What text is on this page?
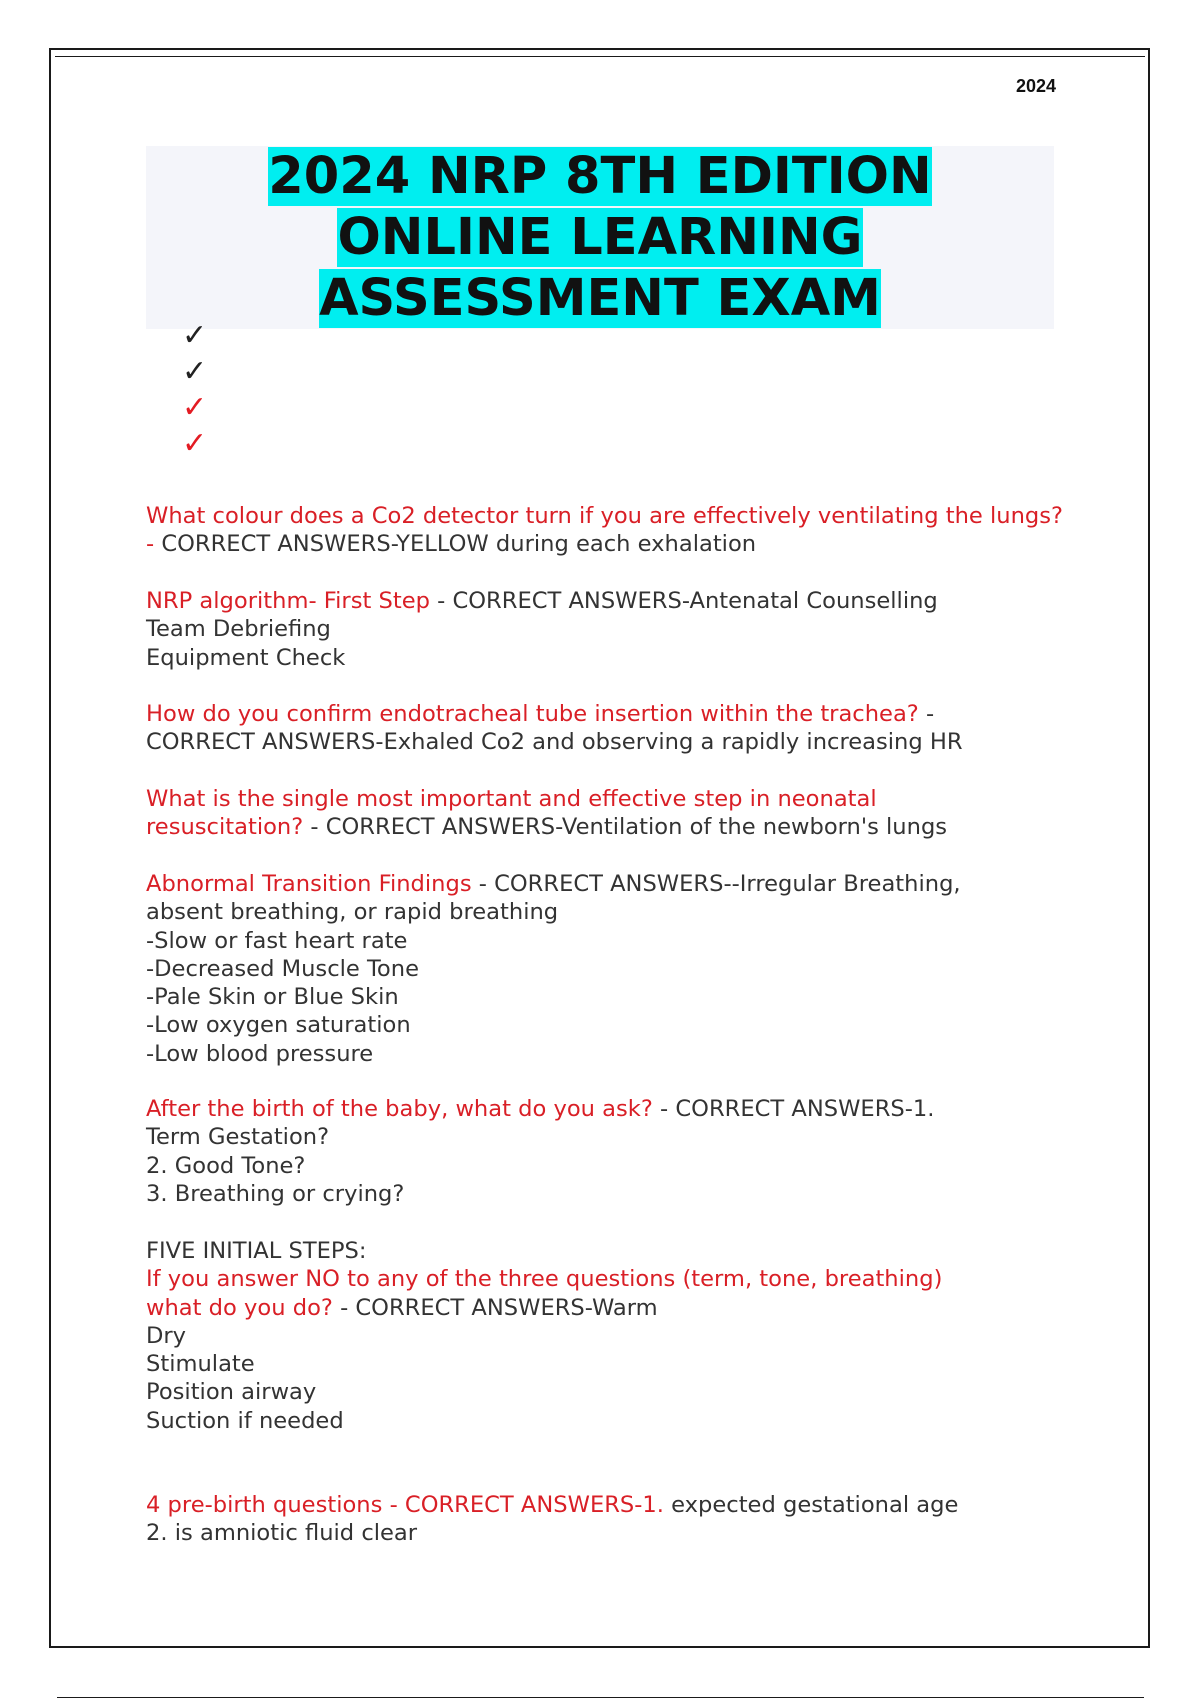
2024
2024 NRP 8TH EDITION
ONLINE LEARNING
ASSESSMENT EXAM
✓
✓
✓
✓

What colour does a Co2 detector turn if you are effectively ventilating the lungs? - CORRECT ANSWERS-YELLOW during each exhalation

NRP algorithm- First Step - CORRECT ANSWERS-Antenatal Counselling
Team Debriefing
Equipment Check

How do you confirm endotracheal tube insertion within the trachea? -
CORRECT ANSWERS-Exhaled Co2 and observing a rapidly increasing HR

What is the single most important and effective step in neonatal
resuscitation? - CORRECT ANSWERS-Ventilation of the newborn's lungs

Abnormal Transition Findings - CORRECT ANSWERS--Irregular Breathing,
absent breathing, or rapid breathing
-Slow or fast heart rate
-Decreased Muscle Tone
-Pale Skin or Blue Skin
-Low oxygen saturation
-Low blood pressure

After the birth of the baby, what do you ask? - CORRECT ANSWERS-1.
Term Gestation?
2. Good Tone?
3. Breathing or crying?

FIVE INITIAL STEPS:
If you answer NO to any of the three questions (term, tone, breathing)
what do you do? - CORRECT ANSWERS-Warm
Dry
Stimulate
Position airway
Suction if needed

4 pre-birth questions - CORRECT ANSWERS-1. expected gestational age
2. is amniotic fluid clear
